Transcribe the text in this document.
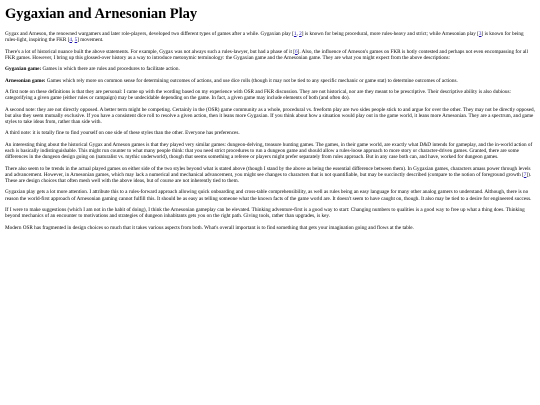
Gygaxian and Arnesonian Play

Gygax and Arneson, the renowned wargamers and later role-players, developed two different types of games after a while. Gygaxian play [1, 2] is known for being procedural, more rules-heavy and strict; while Arnesonian play [3] is known for being rules-light, inspiring the FKR [4, 5] movement.

There's a lot of historical nuance built the above statements. For example, Gygax was not always such a rules-lawyer, but had a phase of it [6]. Also, the influence of Arneson's games on FKR is hotly contested and perhaps not even encompassing for all FKR games. However, I bring up this glossed-over history as a way to introduce metonymic terminology: the Gygaxian game and the Arnesonian game. They are what you might expect from the above descriptions:

Gygaxian game: Games in which there are rules and procedures to facilitate action.

Arnesonian game: Games which rely more on common sense for determining outcomes of actions, and use dice rolls (though it may not be tied to any specific mechanic or game stat) to determine outcomes of actions.

A first note on these definitions is that they are personal: I came up with the wording based on my experience with OSR and FKR discussion. They are not historical, nor are they meant to be prescriptive. Their descriptive ability is also dubious: categorifying a given game (either rules or campaign) may be undecidable depending on the game. In fact, a given game may include elements of both (and often do).

A second note: they are not directly opposed. A better term might be competing. Certainly in the (OSR) game community as a whole, procedural vs. freeform play are two sides people stick to and argue for over the other. They may not be directly opposed, but also they seem mutually exclusive. If you have a consistent dice roll to resolve a given action, then it leans more Gygaxian. If you think about how a situation would play out in the game world, it leans more Arnesonian. They are a spectrum, and game styles to take ideas from, rather than side with.

A third note: it is totally fine to find yourself on one side of these styles than the other. Everyone has preferences.

An interesting thing about the historical Gygax and Arneson games is that they played very similar games: dungeon-delving, treasure hunting games. The games, in their game world, are exactly what D&D intends for gameplay, and the in-world action of each is basically indistinguishable. This might run counter to what many people think: that you need strict procedures to run a dungeon game and should allow a rules-loose approach to more story or character-driven games. Granted, there are some differences in the dungeon design going on (naturalist vs. mythic underworld), though that seems something a referee or players might prefer separately from rules approach. But in any case both can, and have, worked for dungeon games.

There also seem to be trends in the actual played games on either side of the two styles beyond what is stated above (though I stand by the above as being the essential difference between them). In Gygaxian games, characters amass power through levels and advancement. However, in Arnesonian games, which may lack a numerical and mechanical advancement, you might see changes to characters that is not quantifiable, but may be succinctly described (compare to the notion of foreground growth [7]). These are design choices that often mesh well with the above ideas, but of course are not inherently tied to them.

Gygaxian play gets a lot more attention. I attribute this to a rules-forward approach allowing quick onboarding and cross-table comprehensibility, as well as rules being an easy language for many other analog gamers to understand. Although, there is no reason the world-first approach of Arnesonian gaming cannot fulfill this. It should be as easy as telling someone what the known facts of the game world are. It doesn't seem to have caught on, though. It also may be tied to a desire for engineered success.

If I were to make suggestions (which I am not in the habit of doing), I think the Arnesonian gameplay can be elevated. Thinking adventure-first is a good way to start: Changing numbers to qualities is a good way to free up what a thing does. Thinking beyond mechanics of an encounter to motivations and strategies of dungeon inhabitants gets you on the right path. Giving tools, rather than upgrades, is key.

Modern OSR has fragmented in design choices so much that it takes various aspects from both. What's overall important is to find something that gets your imagination going and flows at the table.
